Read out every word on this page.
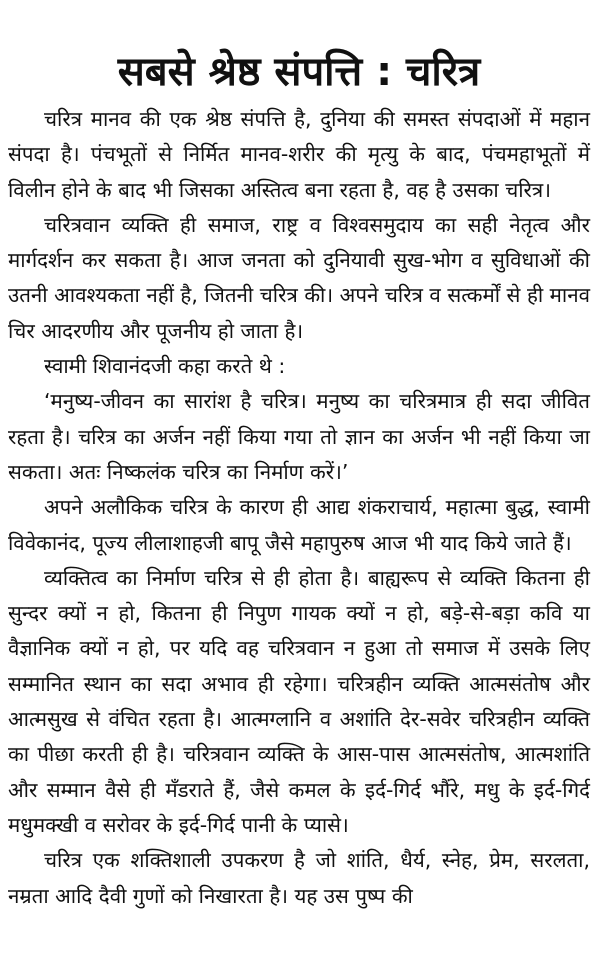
सबसे श्रेष्ठ संपत्ति : चरित्र

चरित्र मानव की एक श्रेष्ठ संपत्ति है, दुनिया की समस्त संपदाओं में महान संपदा है। पंचभूतों से निर्मित मानव-शरीर की मृत्यु के बाद, पंचमहाभूतों में विलीन होने के बाद भी जिसका अस्तित्व बना रहता है, वह है उसका चरित्र।

चरित्रवान व्यक्ति ही समाज, राष्ट्र व विश्वसमुदाय का सही नेतृत्व और मार्गदर्शन कर सकता है। आज जनता को दुनियावी सुख-भोग व सुविधाओं की उतनी आवश्यकता नहीं है, जितनी चरित्र की। अपने चरित्र व सत्कर्मों से ही मानव चिर आदरणीय और पूजनीय हो जाता है।

स्वामी शिवानंदजी कहा करते थे :

‘मनुष्य-जीवन का सारांश है चरित्र। मनुष्य का चरित्रमात्र ही सदा जीवित रहता है। चरित्र का अर्जन नहीं किया गया तो ज्ञान का अर्जन भी नहीं किया जा सकता। अतः निष्कलंक चरित्र का निर्माण करें।’

अपने अलौकिक चरित्र के कारण ही आद्य शंकराचार्य, महात्मा बुद्ध, स्वामी विवेकानंद, पूज्य लीलाशाहजी बापू जैसे महापुरुष आज भी याद किये जाते हैं।

व्यक्तित्व का निर्माण चरित्र से ही होता है। बाह्यरूप से व्यक्ति कितना ही सुन्दर क्यों न हो, कितना ही निपुण गायक क्यों न हो, बड़े-से-बड़ा कवि या वैज्ञानिक क्यों न हो, पर यदि वह चरित्रवान न हुआ तो समाज में उसके लिए सम्मानित स्थान का सदा अभाव ही रहेगा। चरित्रहीन व्यक्ति आत्मसंतोष और आत्मसुख से वंचित रहता है। आत्मग्लानि व अशांति देर-सवेर चरित्रहीन व्यक्ति का पीछा करती ही है। चरित्रवान व्यक्ति के आस-पास आत्मसंतोष, आत्मशांति और सम्मान वैसे ही मँडराते हैं, जैसे कमल के इर्द-गिर्द भौंरे, मधु के इर्द-गिर्द मधुमक्खी व सरोवर के इर्द-गिर्द पानी के प्यासे।

चरित्र एक शक्तिशाली उपकरण है जो शांति, धैर्य, स्नेह, प्रेम, सरलता, नम्रता आदि दैवी गुणों को निखारता है। यह उस पुष्प की
